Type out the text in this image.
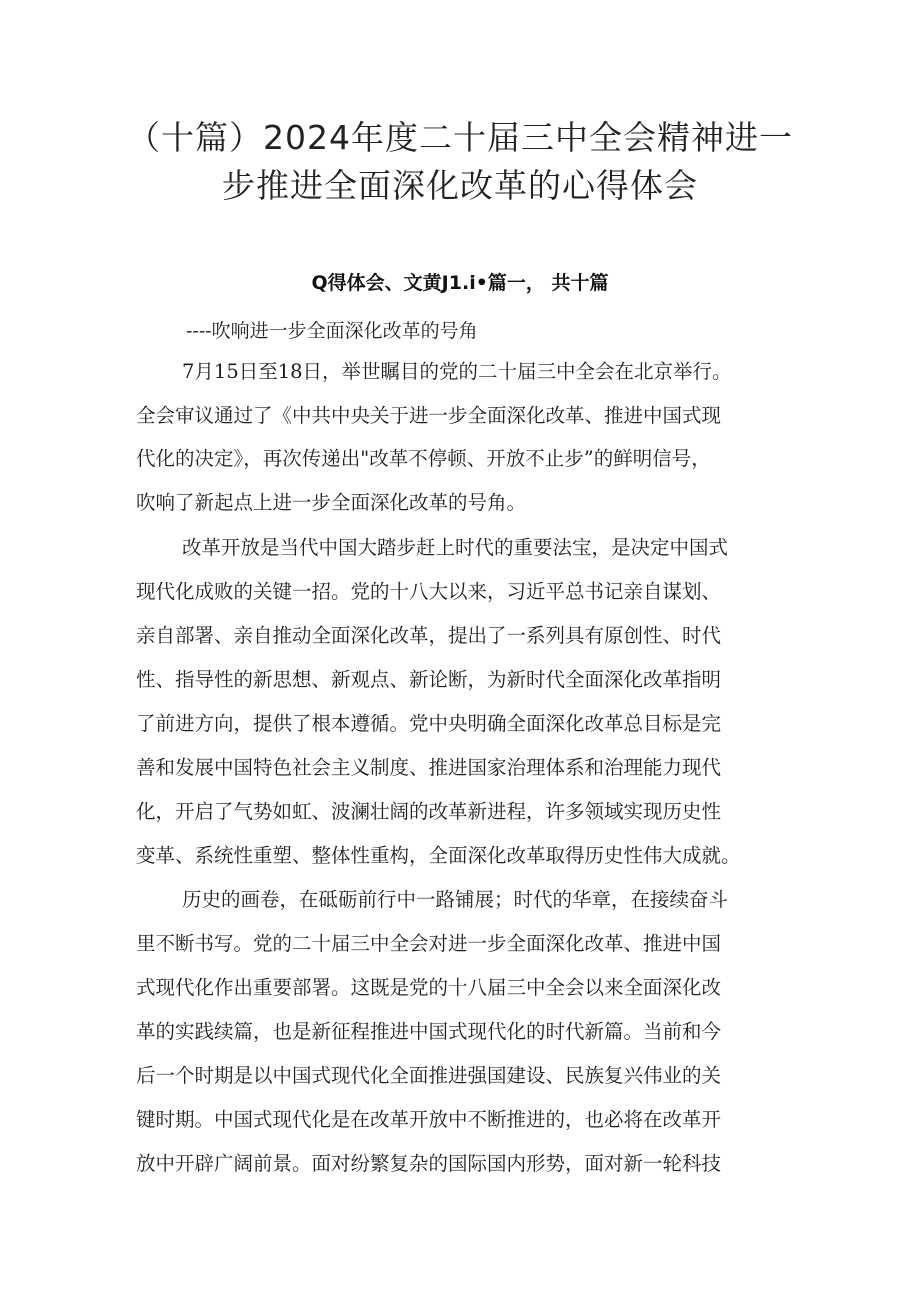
（十篇）2024年度二十届三中全会精神进一
步推进全面深化改革的心得体会
Q得体会、文黄J1.i•篇一， 共十篇
----吹响进一步全面深化改革的号角
7月15日至18日，举世瞩目的党的二十届三中全会在北京举行。
全会审议通过了《中共中央关于进一步全面深化改革、推进中国式现
代化的决定》，再次传递出"改革不停顿、开放不止步”的鲜明信号，
吹响了新起点上进一步全面深化改革的号角。
改革开放是当代中国大踏步赶上时代的重要法宝，是决定中国式
现代化成败的关键一招。党的十八大以来，习近平总书记亲自谋划、
亲自部署、亲自推动全面深化改革，提出了一系列具有原创性、时代
性、指导性的新思想、新观点、新论断，为新时代全面深化改革指明
了前进方向，提供了根本遵循。党中央明确全面深化改革总目标是完
善和发展中国特色社会主义制度、推进国家治理体系和治理能力现代
化，开启了气势如虹、波澜壮阔的改革新进程，许多领域实现历史性
变革、系统性重塑、整体性重构，全面深化改革取得历史性伟大成就。
历史的画卷，在砥砺前行中一路铺展；时代的华章，在接续奋斗
里不断书写。党的二十届三中全会对进一步全面深化改革、推进中国
式现代化作出重要部署。这既是党的十八届三中全会以来全面深化改
革的实践续篇，也是新征程推进中国式现代化的时代新篇。当前和今
后一个时期是以中国式现代化全面推进强国建设、民族复兴伟业的关
键时期。中国式现代化是在改革开放中不断推进的，也必将在改革开
放中开辟广阔前景。面对纷繁复杂的国际国内形势，面对新一轮科技
